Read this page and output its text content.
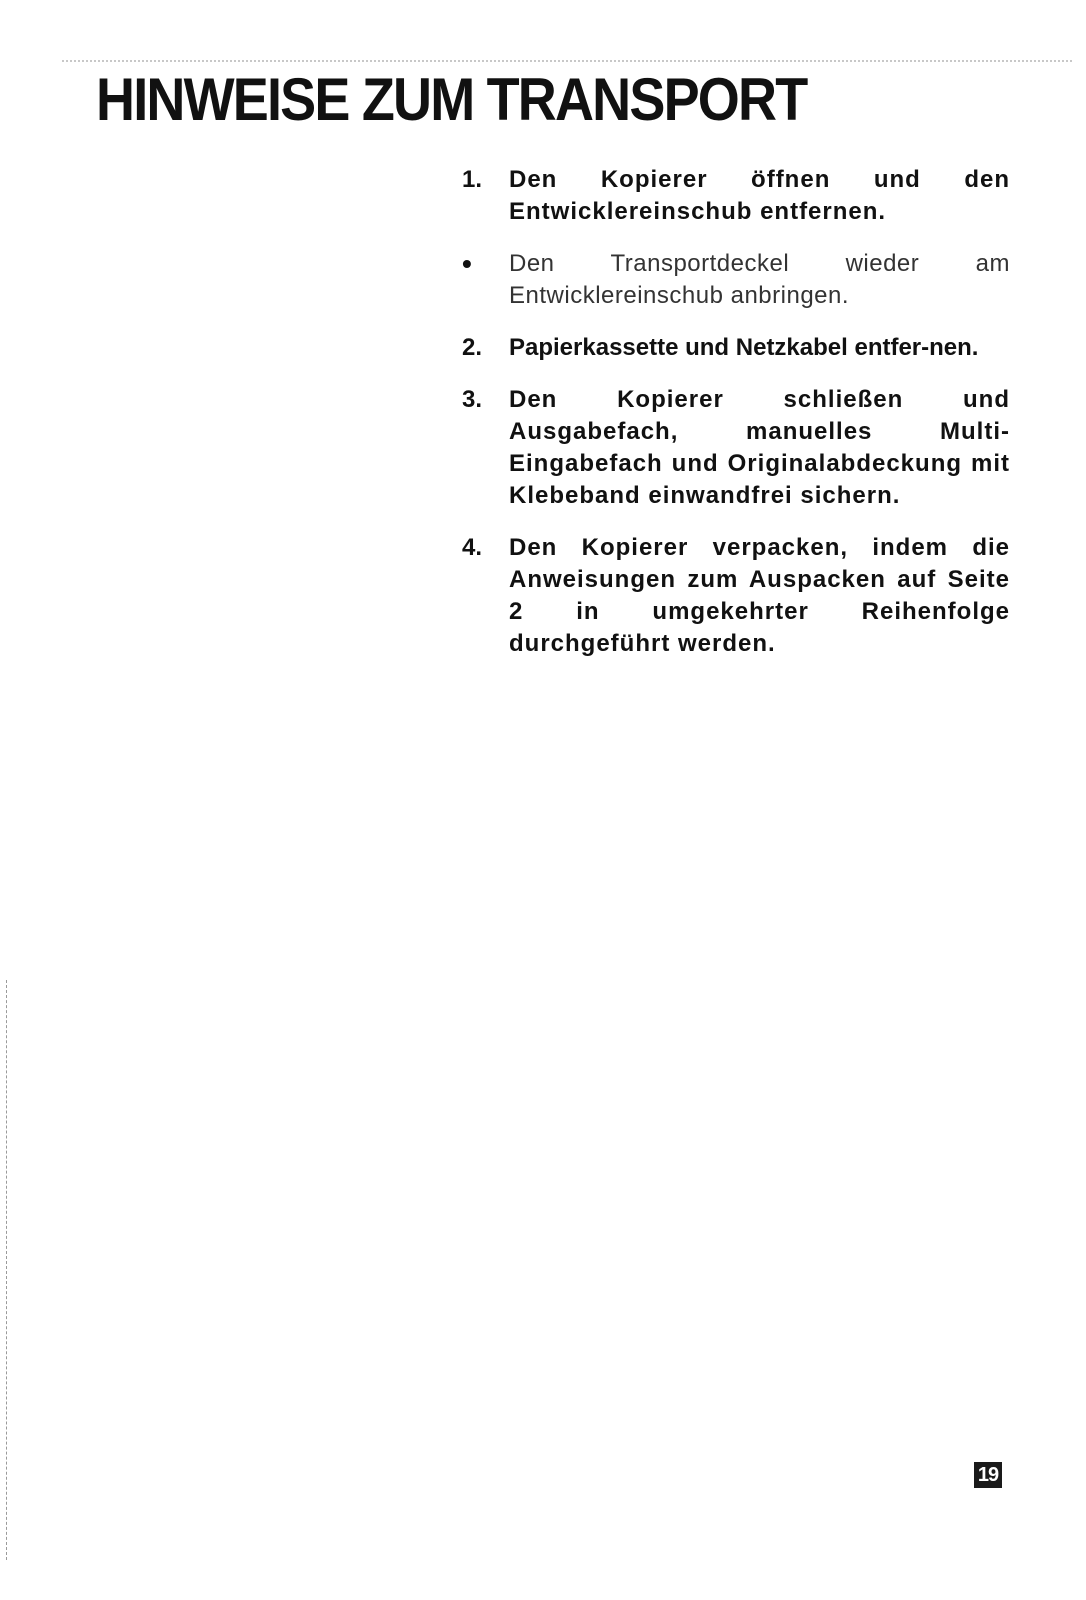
HINWEISE ZUM TRANSPORT
1.	Den Kopierer öffnen und den Entwicklereinschub entfernen.
•	Den Transportdeckel wieder am Entwicklereinschub anbringen.
2.	Papierkassette und Netzkabel entfer-nen.
3.	Den Kopierer schließen und Ausgabefach, manuelles Multi-Eingabefach und Originalabdeckung mit Klebeband einwandfrei sichern.
4.	Den Kopierer verpacken, indem die Anweisungen zum Auspacken auf Seite 2 in umgekehrter Reihenfolge durchgeführt werden.
19
